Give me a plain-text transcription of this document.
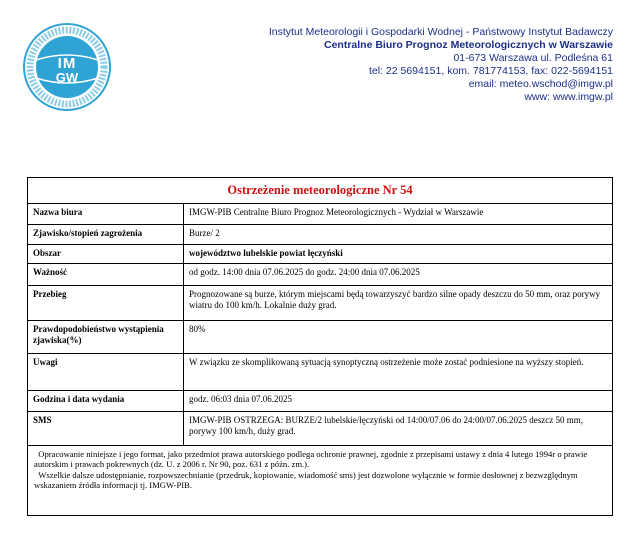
IM
GW
Instytut Meteorologii i Gospodarki Wodnej - Państwowy Instytut Badawczy
Centralne Biuro Prognoz Meteorologicznych w Warszawie
01-673 Warszawa ul. Podleśna 61
tel: 22 5694151, kom. 781774153, fax: 022-5694151
email: meteo.wschod@imgw.pl
www: www.imgw.pl
Ostrzeżenie meteorologiczne Nr 54
Nazwa biura	IMGW-PIB Centralne Biuro Prognoz Meteorologicznych - Wydział w Warszawie
Zjawisko/stopień zagrożenia	Burze/ 2
Obszar	województwo lubelskie powiat łęczyński
Ważność	od godz. 14:00 dnia 07.06.2025 do godz. 24:00 dnia 07.06.2025
Przebieg	Prognozowane są burze, którym miejscami będą towarzyszyć bardzo silne opady deszczu do 50 mm, oraz porywy wiatru do 100 km/h. Lokalnie duży grad.
Prawdopodobieństwo wystąpienia zjawiska(%)	80%
Uwagi	W związku ze skomplikowaną sytuacją synoptyczną ostrzeżenie może zostać podniesione na wyższy stopień.
Godzina i data wydania	godz. 06:03 dnia 07.06.2025
SMS	IMGW-PIB OSTRZEGA: BURZE/2 lubelskie/łęczyński od 14:00/07.06 do 24:00/07.06.2025 deszcz 50 mm, porywy 100 km/h, duży grad.

Opracowanie niniejsze i jego format, jako przedmiot prawa autorskiego podlega ochronie prawnej, zgodnie z przepisami ustawy z dnia 4 lutego 1994r o prawie autorskim i prawach pokrewnych (dz. U. z 2006 r. Nr 90, poz. 631 z późn. zm.).

Wszelkie dalsze udostępnianie, rozpowszechnianie (przedruk, kopiowanie, wiadomość sms) jest dozwolone wyłącznie w formie dosłownej z bezwzględnym wskazaniem źródła informacji tj. IMGW-PIB.
